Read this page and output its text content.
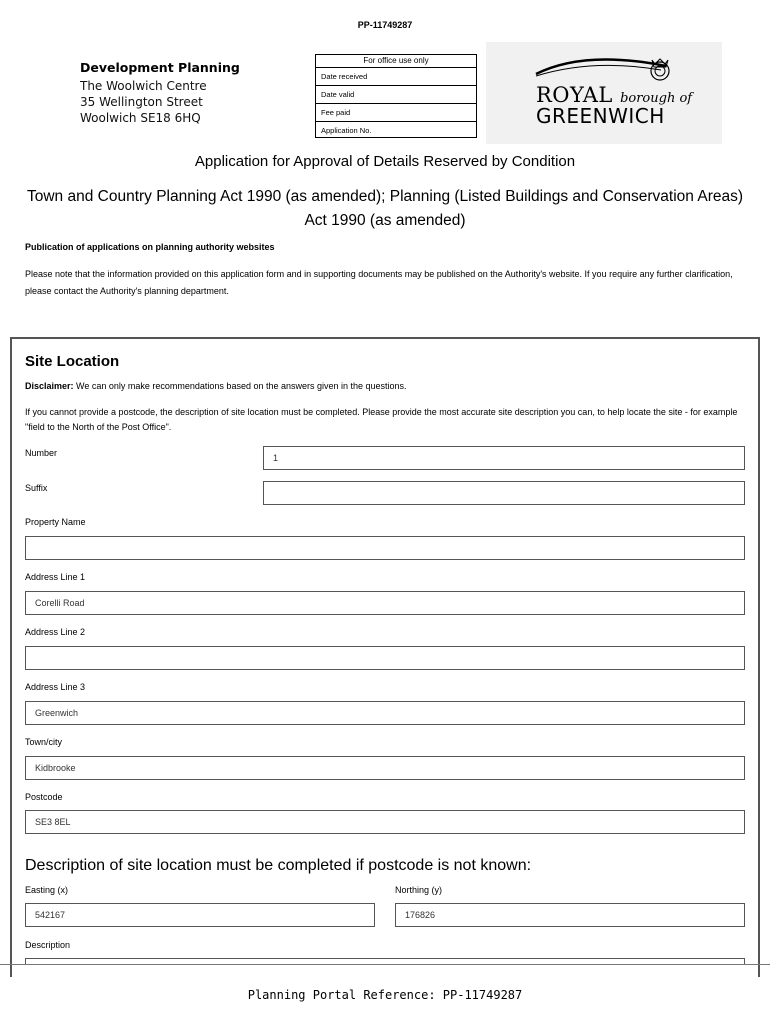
PP-11749287
Development Planning
The Woolwich Centre
35 Wellington Street
Woolwich SE18 6HQ
For office use only
Date received
Date valid
Fee paid
Application No.
ROYAL borough of
GREENWICH
Application for Approval of Details Reserved by Condition
Town and Country Planning Act 1990 (as amended); Planning (Listed Buildings and Conservation Areas) Act 1990 (as amended)
Publication of applications on planning authority websites
Please note that the information provided on this application form and in supporting documents may be published on the Authority's website. If you require any further clarification, please contact the Authority's planning department.
Site Location
Disclaimer: We can only make recommendations based on the answers given in the questions.
If you cannot provide a postcode, the description of site location must be completed. Please provide the most accurate site description you can, to help locate the site - for example "field to the North of the Post Office".
Number	1
Suffix
Property Name
Address Line 1
Corelli Road
Address Line 2
Address Line 3
Greenwich
Town/city
Kidbrooke
Postcode
SE3 8EL
Description of site location must be completed if postcode is not known:
Easting (x)
542167
Northing (y)
176826
Description
Planning Portal Reference: PP-11749287
